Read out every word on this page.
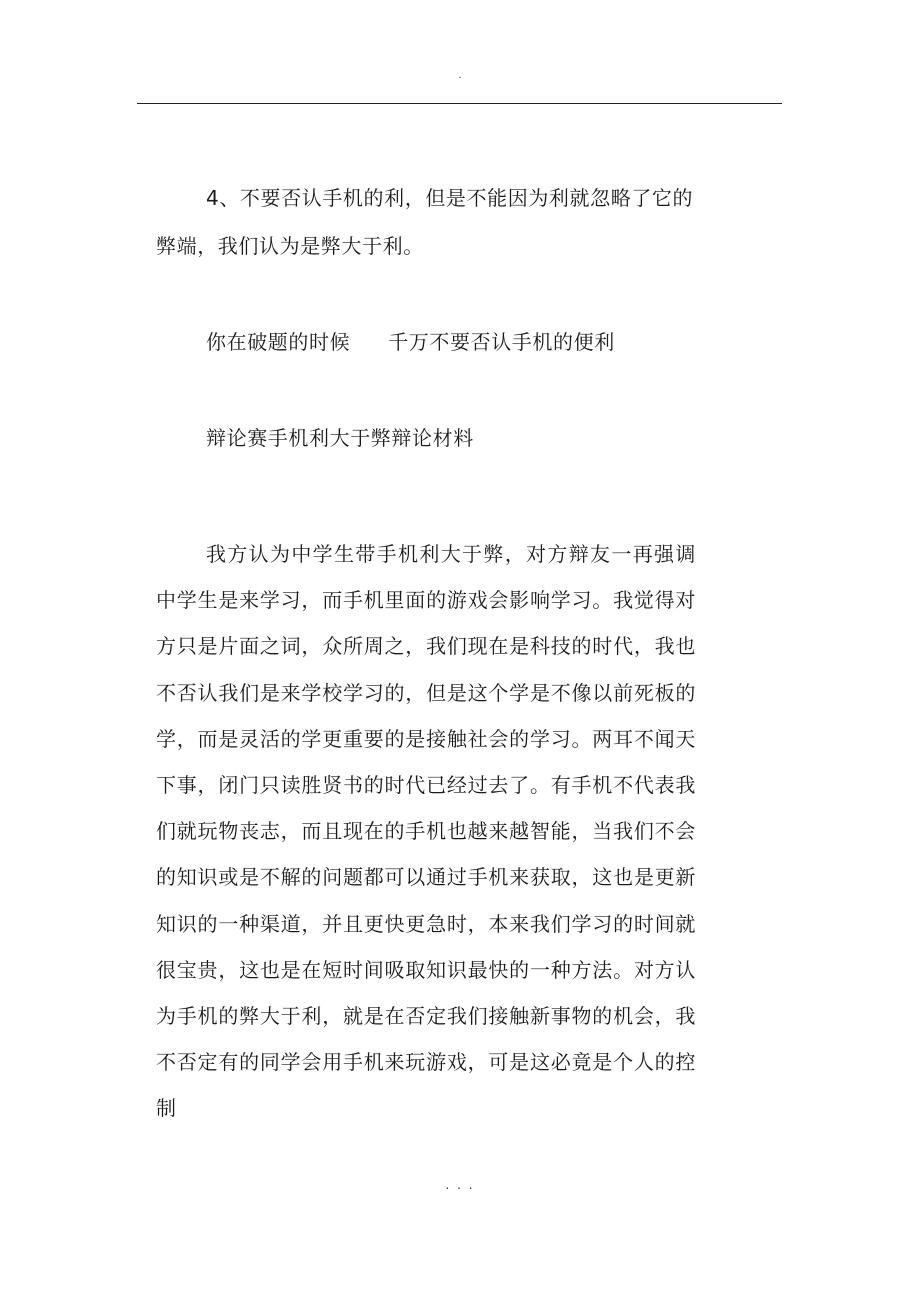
.

4、不要否认手机的利，但是不能因为利就忽略了它的弊端，我们认为是弊大于利。

你在破题的时候 千万不要否认手机的便利
辩论赛手机利大于弊辩论材料

我方认为中学生带手机利大于弊，对方辩友一再强调中学生是来学习，而手机里面的游戏会影响学习。我觉得对方只是片面之词，众所周之，我们现在是科技的时代，我也不否认我们是来学校学习的，但是这个学是不像以前死板的学，而是灵活的学更重要的是接触社会的学习。两耳不闻天下事，闭门只读胜贤书的时代已经过去了。有手机不代表我们就玩物丧志，而且现在的手机也越来越智能，当我们不会的知识或是不解的问题都可以通过手机来获取，这也是更新知识的一种渠道，并且更快更急时，本来我们学习的时间就很宝贵，这也是在短时间吸取知识最快的一种方法。对方认为手机的弊大于利，就是在否定我们接触新事物的机会，我不否定有的同学会用手机来玩游戏，可是这必竟是个人的控制

. . .
